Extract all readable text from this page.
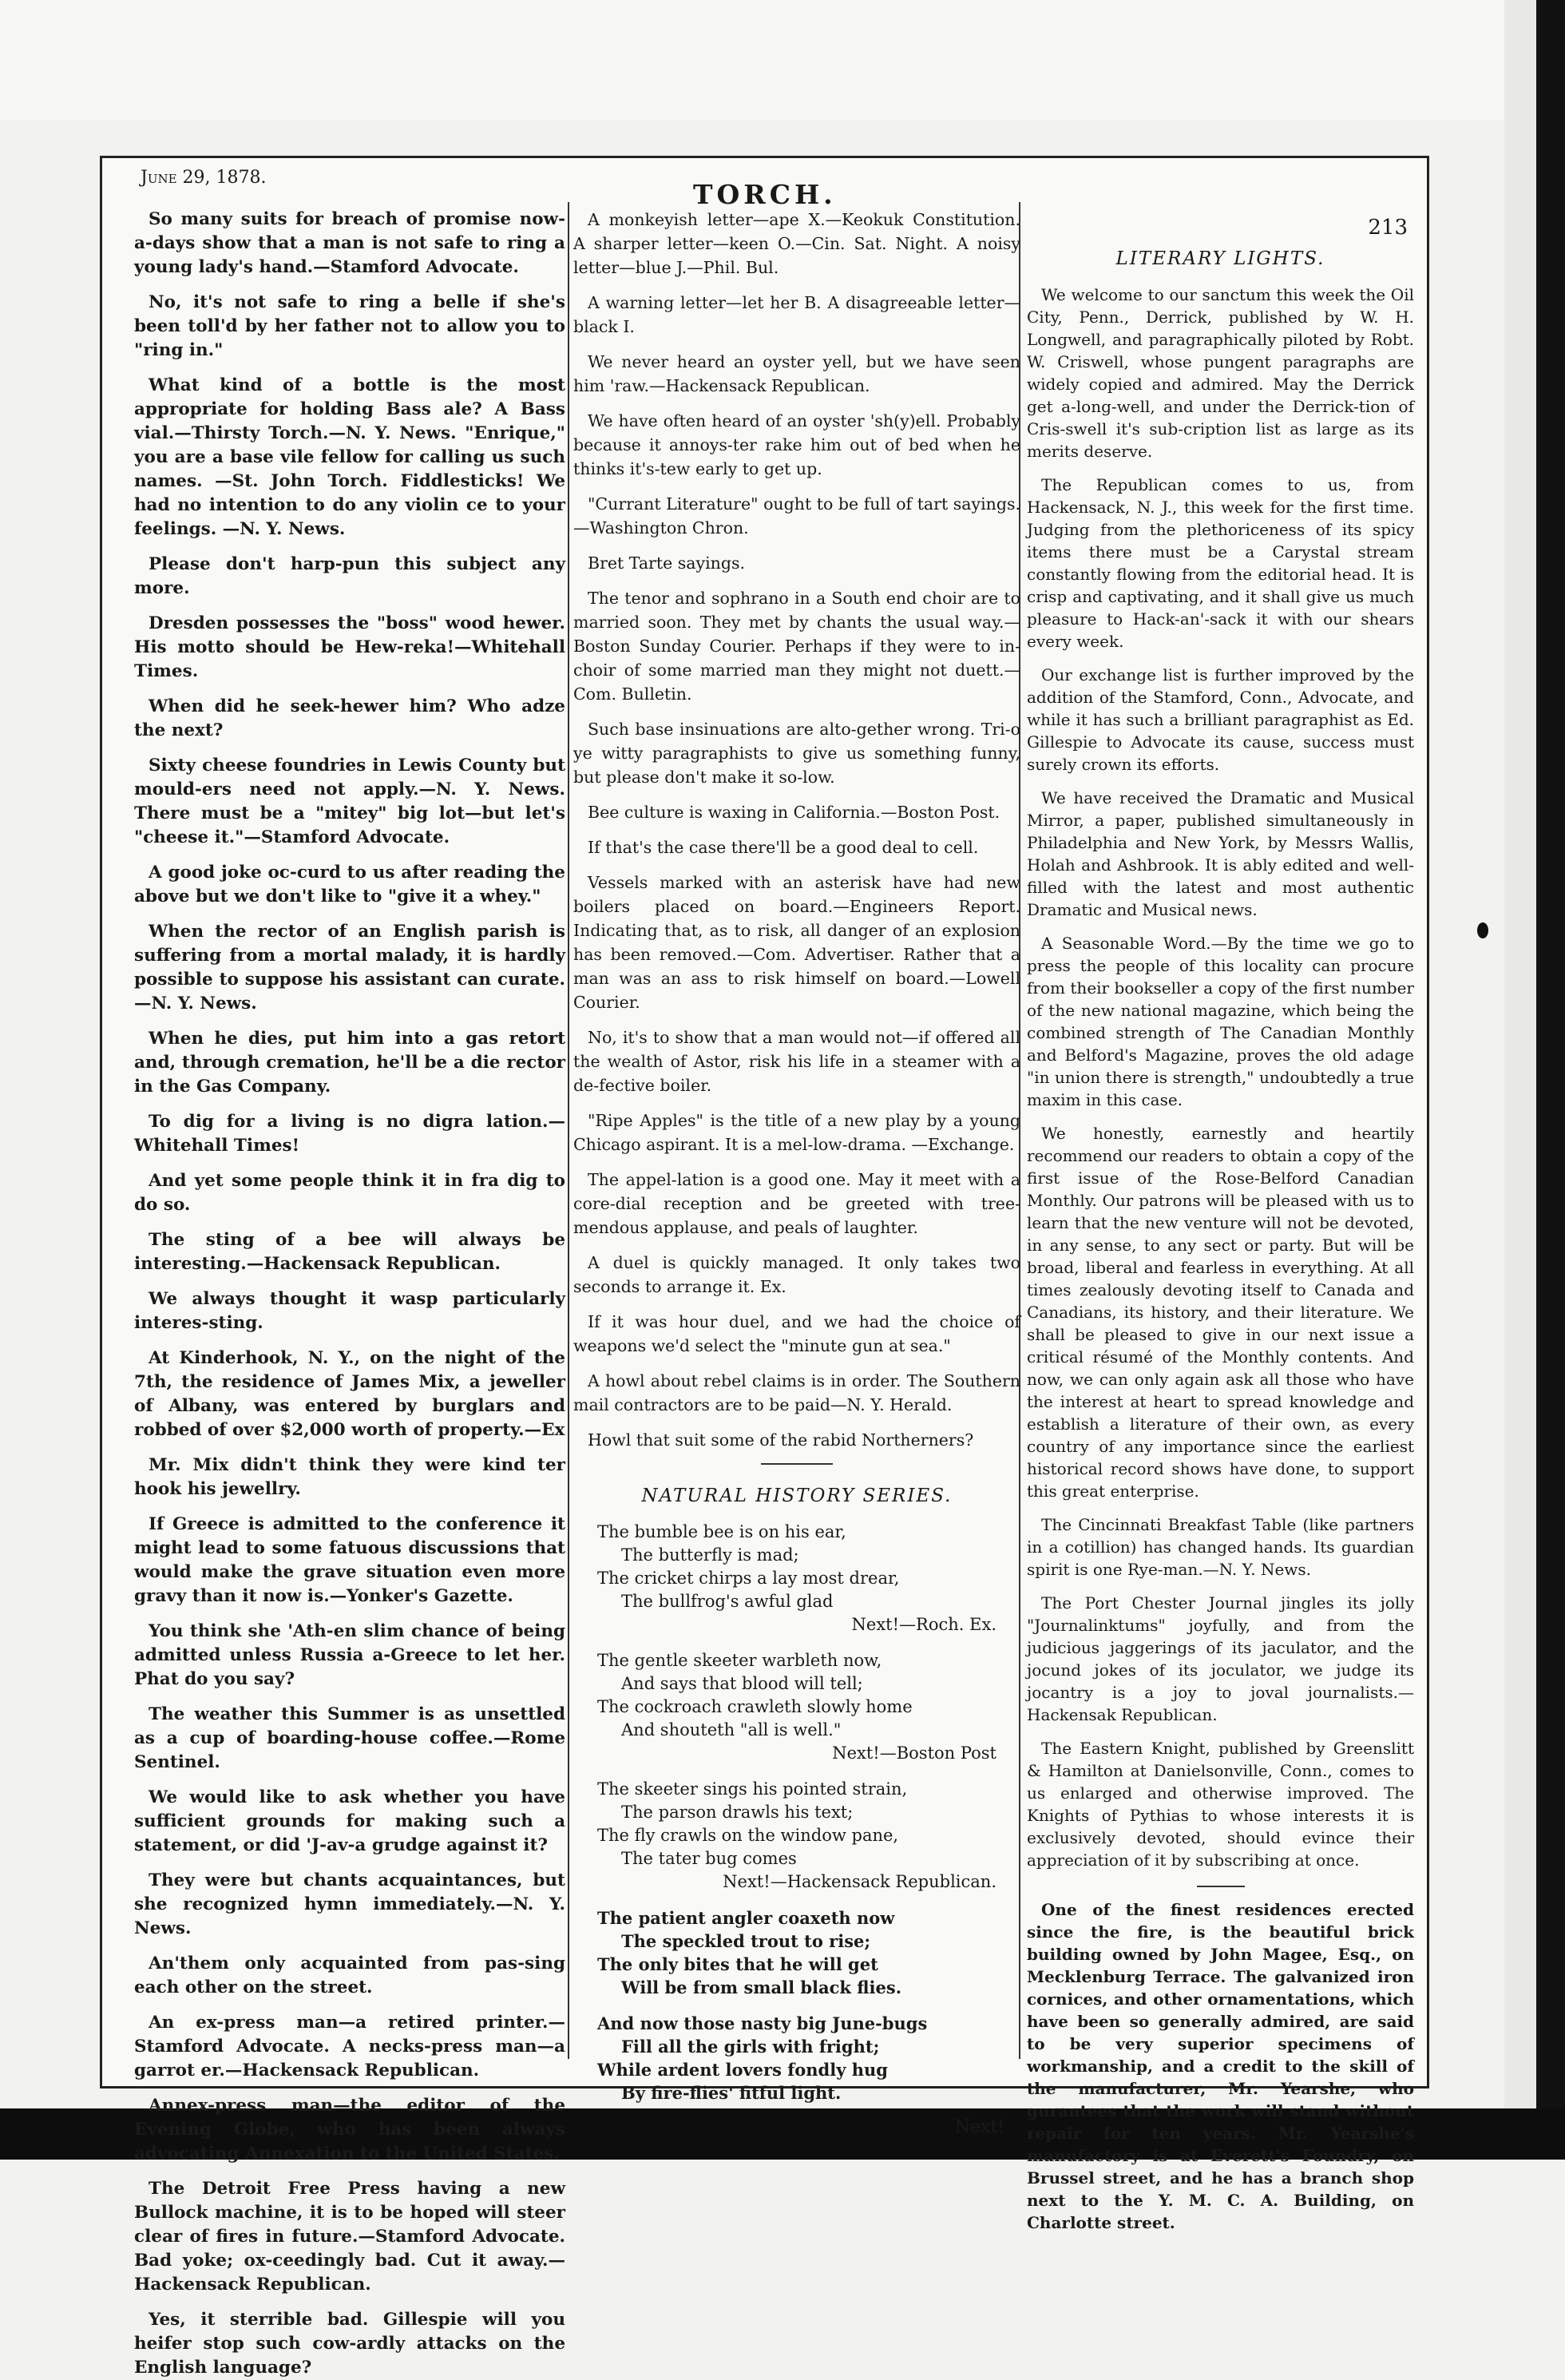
June 29, 1878.
TORCH.
213

So many suits for breach of promise now-a-days show that a man is not safe to ring a young lady's hand.—Stamford Advocate.

No, it's not safe to ring a belle if she's been toll'd by her father not to allow you to "ring in."

What kind of a bottle is the most appropriate for holding Bass ale? A Bass vial.—Thirsty Torch.—N. Y. News. "Enrique," you are a base vile fellow for calling us such names. —St. John Torch. Fiddlesticks! We had no intention to do any violin ce to your feelings. —N. Y. News.

Please don't harp-pun this subject any more.

Dresden possesses the "boss" wood hewer. His motto should be Hew-reka!—Whitehall Times.

When did he seek-hewer him? Who adze the next?

Sixty cheese foundries in Lewis County but mould-ers need not apply.—N. Y. News. There must be a "mitey" big lot—but let's "cheese it."—Stamford Advocate.

A good joke oc-curd to us after reading the above but we don't like to "give it a whey."

When the rector of an English parish is suffering from a mortal malady, it is hardly possible to suppose his assistant can curate.—N. Y. News.

When he dies, put him into a gas retort and, through cremation, he'll be a die rector in the Gas Company.

To dig for a living is no digra lation.—Whitehall Times!

And yet some people think it in fra dig to do so.

The sting of a bee will always be interesting.—Hackensack Republican.

We always thought it wasp particularly interes-sting.

At Kinderhook, N. Y., on the night of the 7th, the residence of James Mix, a jeweller of Albany, was entered by burglars and robbed of over $2,000 worth of property.—Ex

Mr. Mix didn't think they were kind ter hook his jewellry.

If Greece is admitted to the conference it might lead to some fatuous discussions that would make the grave situation even more gravy than it now is.—Yonker's Gazette.

You think she 'Ath-en slim chance of being admitted unless Russia a-Greece to let her. Phat do you say?

The weather this Summer is as unsettled as a cup of boarding-house coffee.—Rome Sentinel.

We would like to ask whether you have sufficient grounds for making such a statement, or did 'J-av-a grudge against it?

They were but chants acquaintances, but she recognized hymn immediately.—N. Y. News.

An'them only acquainted from pas-sing each other on the street.

An ex-press man—a retired printer.—Stamford Advocate. A necks-press man—a garrot er.—Hackensack Republican.

Annex-press man—the editor of the Evening Globe, who has been always advocating Annexation to the United States.

The Detroit Free Press having a new Bullock machine, it is to be hoped will steer clear of fires in future.—Stamford Advocate. Bad yoke; ox-ceedingly bad. Cut it away.—Hackensack Republican.

Yes, it sterrible bad. Gillespie will you heifer stop such cow-ardly attacks on the English language?

A monkeyish letter—ape X.—Keokuk Constitution. A sharper letter—keen O.—Cin. Sat. Night. A noisy letter—blue J.—Phil. Bul.

A warning letter—let her B. A disagreeable letter—black I.

We never heard an oyster yell, but we have seen him 'raw.—Hackensack Republican.

We have often heard of an oyster 'sh(y)ell. Probably because it annoys-ter rake him out of bed when he thinks it's-tew early to get up.

"Currant Literature" ought to be full of tart sayings.—Washington Chron.

Bret Tarte sayings.

The tenor and sophrano in a South end choir are to married soon. They met by chants the usual way.—Boston Sunday Courier. Perhaps if they were to in-choir of some married man they might not duett.—Com. Bulletin.

Such base insinuations are alto-gether wrong. Tri-o ye witty paragraphists to give us something funny, but please don't make it so-low.

Bee culture is waxing in California.—Boston Post.

If that's the case there'll be a good deal to cell.

Vessels marked with an asterisk have had new boilers placed on board.—Engineers Report. Indicating that, as to risk, all danger of an explosion has been removed.—Com. Advertiser. Rather that a man was an ass to risk himself on board.—Lowell Courier.

No, it's to show that a man would not—if offered all the wealth of Astor, risk his life in a steamer with a de-fective boiler.

"Ripe Apples" is the title of a new play by a young Chicago aspirant. It is a mel-low-drama. —Exchange.

The appel-lation is a good one. May it meet with a core-dial reception and be greeted with tree-mendous applause, and peals of laughter.

A duel is quickly managed. It only takes two seconds to arrange it. Ex.

If it was hour duel, and we had the choice of weapons we'd select the "minute gun at sea."

A howl about rebel claims is in order. The Southern mail contractors are to be paid—N. Y. Herald.

Howl that suit some of the rabid Northerners?

NATURAL HISTORY SERIES.
The bumble bee is on his ear,
The butterfly is mad;
The cricket chirps a lay most drear,
The bullfrog's awful glad
Next!—Roch. Ex.
The gentle skeeter warbleth now,
And says that blood will tell;
The cockroach crawleth slowly home
And shouteth "all is well."
Next!—Boston Post
The skeeter sings his pointed strain,
The parson drawls his text;
The fly crawls on the window pane,
The tater bug comes
Next!—Hackensack Republican.
The patient angler coaxeth now
The speckled trout to rise;
The only bites that he will get
Will be from small black flies.
And now those nasty big June-bugs
Fill all the girls with fright;
While ardent lovers fondly hug
By fire-flies' fitful light.
Next!
LITERARY LIGHTS.

We welcome to our sanctum this week the Oil City, Penn., Derrick, published by W. H. Longwell, and paragraphically piloted by Robt. W. Criswell, whose pungent paragraphs are widely copied and admired. May the Derrick get a-long-well, and under the Derrick-tion of Cris-swell it's sub-cription list as large as its merits deserve.

The Republican comes to us, from Hackensack, N. J., this week for the first time. Judging from the plethoriceness of its spicy items there must be a Carystal stream constantly flowing from the editorial head. It is crisp and captivating, and it shall give us much pleasure to Hack-an'-sack it with our shears every week.

Our exchange list is further improved by the addition of the Stamford, Conn., Advocate, and while it has such a brilliant paragraphist as Ed. Gillespie to Advocate its cause, success must surely crown its efforts.

We have received the Dramatic and Musical Mirror, a paper, published simultaneously in Philadelphia and New York, by Messrs Wallis, Holah and Ashbrook. It is ably edited and well-filled with the latest and most authentic Dramatic and Musical news.

A Seasonable Word.—By the time we go to press the people of this locality can procure from their bookseller a copy of the first number of the new national magazine, which being the combined strength of The Canadian Monthly and Belford's Magazine, proves the old adage "in union there is strength," undoubtedly a true maxim in this case.

We honestly, earnestly and heartily recommend our readers to obtain a copy of the first issue of the Rose-Belford Canadian Monthly. Our patrons will be pleased with us to learn that the new venture will not be devoted, in any sense, to any sect or party. But will be broad, liberal and fearless in everything. At all times zealously devoting itself to Canada and Canadians, its history, and their literature. We shall be pleased to give in our next issue a critical résumé of the Monthly contents. And now, we can only again ask all those who have the interest at heart to spread knowledge and establish a literature of their own, as every country of any importance since the earliest historical record shows have done, to support this great enterprise.

The Cincinnati Breakfast Table (like partners in a cotillion) has changed hands. Its guardian spirit is one Rye-man.—N. Y. News.

The Port Chester Journal jingles its jolly "Journalinktums" joyfully, and from the judicious jaggerings of its jaculator, and the jocund jokes of its joculator, we judge its jocantry is a joy to joval journalists.—Hackensak Republican.

The Eastern Knight, published by Greenslitt & Hamilton at Danielsonville, Conn., comes to us enlarged and otherwise improved. The Knights of Pythias to whose interests it is exclusively devoted, should evince their appreciation of it by subscribing at once.

One of the finest residences erected since the fire, is the beautiful brick building owned by John Magee, Esq., on Mecklenburg Terrace. The galvanized iron cornices, and other ornamentations, which have been so generally admired, are said to be very superior specimens of workmanship, and a credit to the skill of the manufacturer, Mr. Yearshe, who gurantees that the work will stand without repair for ten years. Mr. Yearshe's manufactory is at Everett's Foundry, on Brussel street, and he has a branch shop next to the Y. M. C. A. Building, on Charlotte street.
